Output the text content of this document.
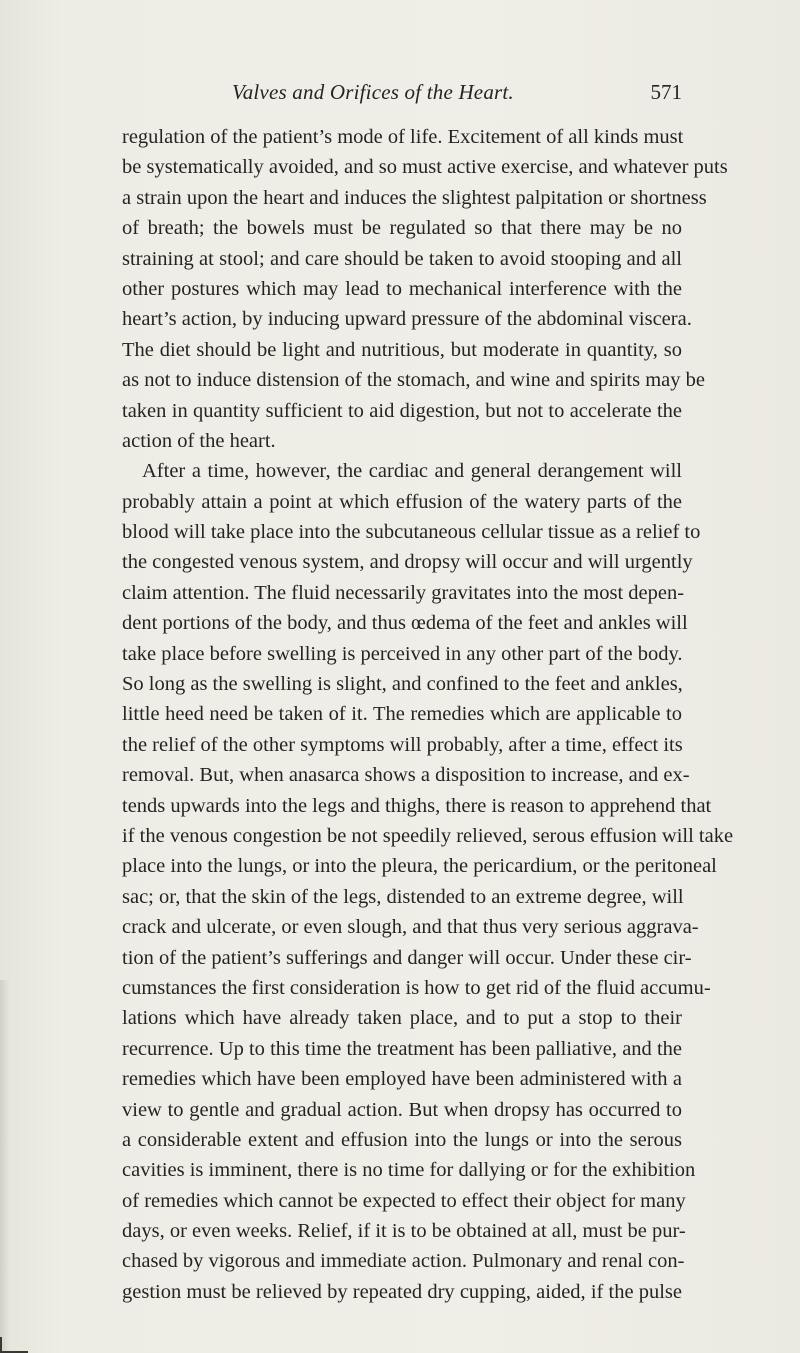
Valves and Orifices of the Heart.	571
regulation of the patient’s mode of life. Excitement of all kinds must
be systematically avoided, and so must active exercise, and whatever puts
a strain upon the heart and induces the slightest palpitation or shortness
of breath; the bowels must be regulated so that there may be no
straining at stool; and care should be taken to avoid stooping and all
other postures which may lead to mechanical interference with the
heart’s action, by inducing upward pressure of the abdominal viscera.
The diet should be light and nutritious, but moderate in quantity, so
as not to induce distension of the stomach, and wine and spirits may be
taken in quantity sufficient to aid digestion, but not to accelerate the
action of the heart.
After a time, however, the cardiac and general derangement will
probably attain a point at which effusion of the watery parts of the
blood will take place into the subcutaneous cellular tissue as a relief to
the congested venous system, and dropsy will occur and will urgently
claim attention. The fluid necessarily gravitates into the most depen-
dent portions of the body, and thus œdema of the feet and ankles will
take place before swelling is perceived in any other part of the body.
So long as the swelling is slight, and confined to the feet and ankles,
little heed need be taken of it. The remedies which are applicable to
the relief of the other symptoms will probably, after a time, effect its
removal. But, when anasarca shows a disposition to increase, and ex-
tends upwards into the legs and thighs, there is reason to apprehend that
if the venous congestion be not speedily relieved, serous effusion will take
place into the lungs, or into the pleura, the pericardium, or the peritoneal
sac; or, that the skin of the legs, distended to an extreme degree, will
crack and ulcerate, or even slough, and that thus very serious aggrava-
tion of the patient’s sufferings and danger will occur. Under these cir-
cumstances the first consideration is how to get rid of the fluid accumu-
lations which have already taken place, and to put a stop to their
recurrence. Up to this time the treatment has been palliative, and the
remedies which have been employed have been administered with a
view to gentle and gradual action. But when dropsy has occurred to
a considerable extent and effusion into the lungs or into the serous
cavities is imminent, there is no time for dallying or for the exhibition
of remedies which cannot be expected to effect their object for many
days, or even weeks. Relief, if it is to be obtained at all, must be pur-
chased by vigorous and immediate action. Pulmonary and renal con-
gestion must be relieved by repeated dry cupping, aided, if the pulse
